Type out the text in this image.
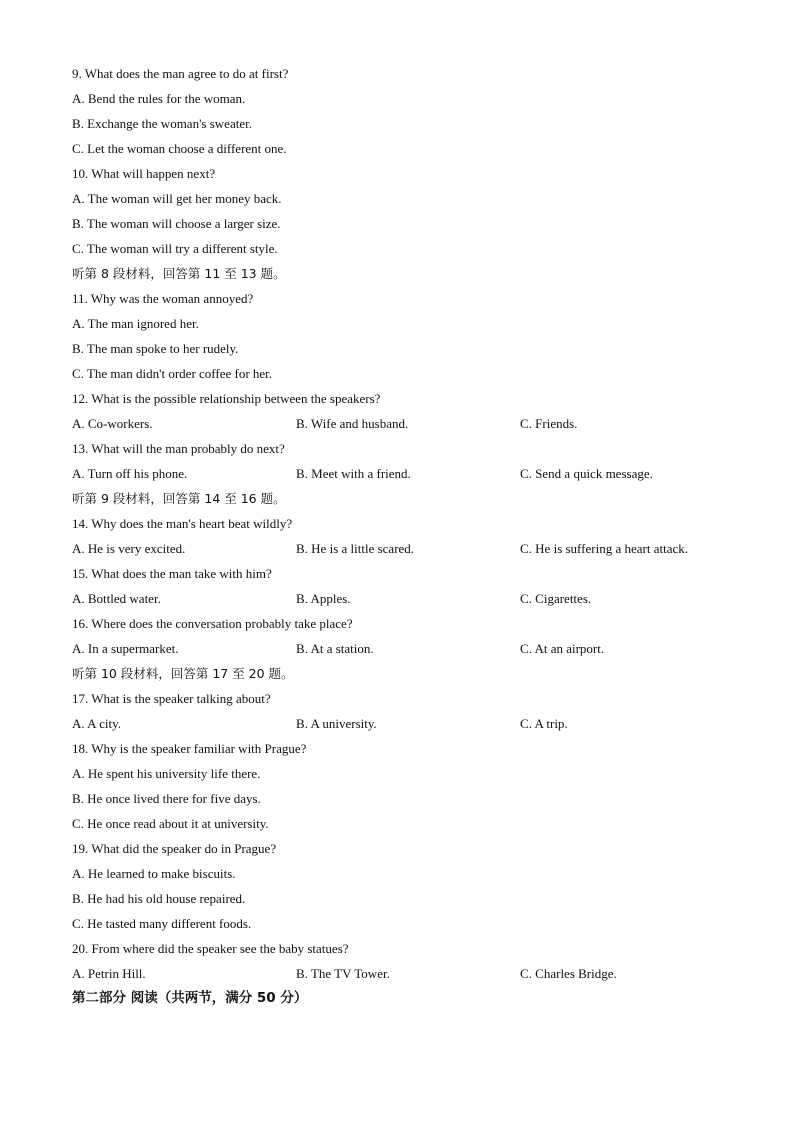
9. What does the man agree to do at first?
A. Bend the rules for the woman.
B. Exchange the woman's sweater.
C. Let the woman choose a different one.
10. What will happen next?
A. The woman will get her money back.
B. The woman will choose a larger size.
C. The woman will try a different style.
听第 8 段材料，回答第 11 至 13 题。
11. Why was the woman annoyed?
A. The man ignored her.
B. The man spoke to her rudely.
C. The man didn't order coffee for her.
12. What is the possible relationship between the speakers?
A. Co-workers.	B. Wife and husband.	C. Friends.
13. What will the man probably do next?
A. Turn off his phone.	B. Meet with a friend.	C. Send a quick message.
听第 9 段材料，回答第 14 至 16 题。
14. Why does the man's heart beat wildly?
A. He is very excited.	B. He is a little scared.	C. He is suffering a heart attack.
15. What does the man take with him?
A. Bottled water.	B. Apples.	C. Cigarettes.
16. Where does the conversation probably take place?
A. In a supermarket.	B. At a station.	C. At an airport.
听第 10 段材料，回答第 17 至 20 题。
17. What is the speaker talking about?
A. A city.	B. A university.	C. A trip.
18. Why is the speaker familiar with Prague?
A. He spent his university life there.
B. He once lived there for five days.
C. He once read about it at university.
19. What did the speaker do in Prague?
A. He learned to make biscuits.
B. He had his old house repaired.
C. He tasted many different foods.
20. From where did the speaker see the baby statues?
A. Petrin Hill.	B. The TV Tower.	C. Charles Bridge.
第二部分 阅读（共两节，满分 50 分）
